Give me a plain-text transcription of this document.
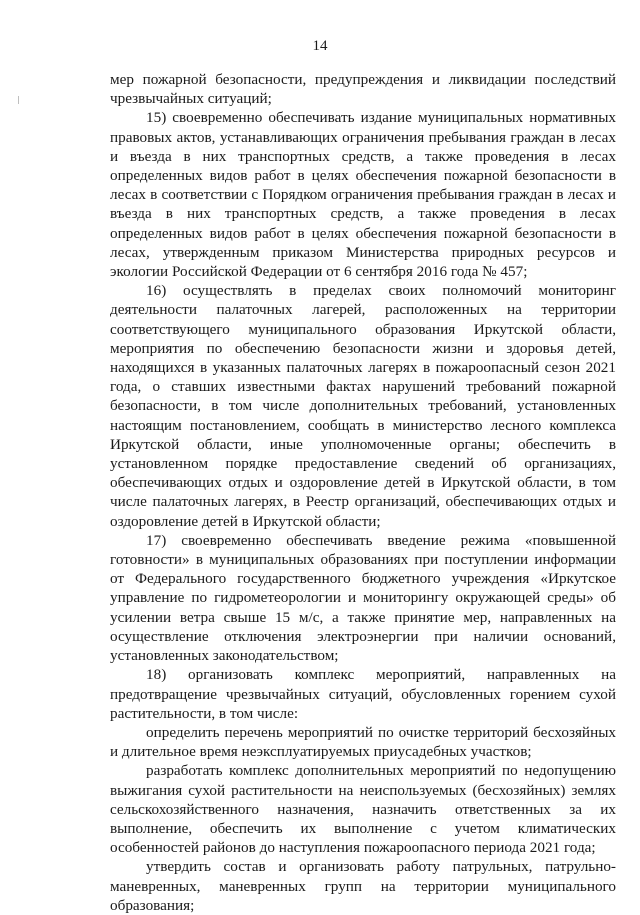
14

мер пожарной безопасности, предупреждения и ликвидации последствий чрезвычайных ситуаций;

15) своевременно обеспечивать издание муниципальных нормативных правовых актов, устанавливающих ограничения пребывания граждан в лесах и въезда в них транспортных средств, а также проведения в лесах определенных видов работ в целях обеспечения пожарной безопасности в лесах в соответствии с Порядком ограничения пребывания граждан в лесах и въезда в них транспортных средств, а также проведения в лесах определенных видов работ в целях обеспечения пожарной безопасности в лесах, утвержденным приказом Министерства природных ресурсов и экологии Российской Федерации от 6 сентября 2016 года № 457;

16) осуществлять в пределах своих полномочий мониторинг деятельности палаточных лагерей, расположенных на территории соответствующего муниципального образования Иркутской области, мероприятия по обеспечению безопасности жизни и здоровья детей, находящихся в указанных палаточных лагерях в пожароопасный сезон 2021 года, о ставших известными фактах нарушений требований пожарной безопасности, в том числе дополнительных требований, установленных настоящим постановлением, сообщать в министерство лесного комплекса Иркутской области, иные уполномоченные органы; обеспечить в установленном порядке предоставление сведений об организациях, обеспечивающих отдых и оздоровление детей в Иркутской области, в том числе палаточных лагерях, в Реестр организаций, обеспечивающих отдых и оздоровление детей в Иркутской области;

17) своевременно обеспечивать введение режима «повышенной готовности» в муниципальных образованиях при поступлении информации от Федерального государственного бюджетного учреждения «Иркутское управление по гидрометеорологии и мониторингу окружающей среды» об усилении ветра свыше 15 м/с, а также принятие мер, направленных на осуществление отключения электроэнергии при наличии оснований, установленных законодательством;

18) организовать комплекс мероприятий, направленных на предотвращение чрезвычайных ситуаций, обусловленных горением сухой растительности, в том числе:

определить перечень мероприятий по очистке территорий бесхозяйных и длительное время неэксплуатируемых приусадебных участков;

разработать комплекс дополнительных мероприятий по недопущению выжигания сухой растительности на неиспользуемых (бесхозяйных) землях сельскохозяйственного назначения, назначить ответственных за их выполнение, обеспечить их выполнение с учетом климатических особенностей районов до наступления пожароопасного периода 2021 года;

утвердить состав и организовать работу патрульных, патрульно-маневренных, маневренных групп на территории муниципального образования;
